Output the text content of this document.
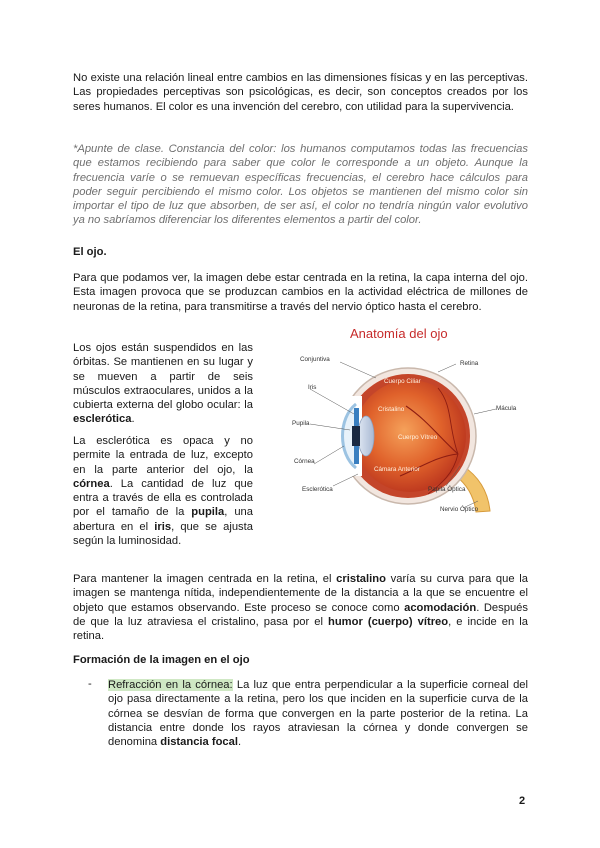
No existe una relación lineal entre cambios en las dimensiones físicas y en las perceptivas. Las propiedades perceptivas son psicológicas, es decir, son conceptos creados por los seres humanos. El color es una invención del cerebro, con utilidad para la supervivencia.

*Apunte de clase. Constancia del color: los humanos computamos todas las frecuencias que estamos recibiendo para saber que color le corresponde a un objeto. Aunque la frecuencia varíe o se remuevan específicas frecuencias, el cerebro hace cálculos para poder seguir percibiendo el mismo color. Los objetos se mantienen del mismo color sin importar el tipo de luz que absorben, de ser así, el color no tendría ningún valor evolutivo ya no sabríamos diferenciar los diferentes elementos a partir del color.

El ojo.

Para que podamos ver, la imagen debe estar centrada en la retina, la capa interna del ojo. Esta imagen provoca que se produzcan cambios en la actividad eléctrica de millones de neuronas de la retina, para transmitirse a través del nervio óptico hasta el cerebro.

Los ojos están suspendidos en las órbitas. Se mantienen en su lugar y se mueven a partir de seis músculos extraoculares, unidos a la cubierta externa del globo ocular: la esclerótica.

La esclerótica es opaca y no permite la entrada de luz, excepto en la parte anterior del ojo, la córnea. La cantidad de luz que entra a través de ella es controlada por el tamaño de la pupila, una abertura en el iris, que se ajusta según la luminosidad.

Anatomía del ojo
Conjuntiva
Iris
Pupila
Córnea
Esclerótica
Retina
Mácula
Nervio Óptico
Cuerpo Ciliar
Cristalino
Cuerpo Vítreo
Cámara Anterior
Papila Óptica

Para mantener la imagen centrada en la retina, el cristalino varía su curva para que la imagen se mantenga nítida, independientemente de la distancia a la que se encuentre el objeto que estamos observando. Este proceso se conoce como acomodación. Después de que la luz atraviesa el cristalino, pasa por el humor (cuerpo) vítreo, e incide en la retina.

Formación de la imagen en el ojo

- Refracción en la córnea: La luz que entra perpendicular a la superficie corneal del ojo pasa directamente a la retina, pero los que inciden en la superficie curva de la córnea se desvían de forma que convergen en la parte posterior de la retina. La distancia entre donde los rayos atraviesan la córnea y donde convergen se denomina distancia focal.

2
